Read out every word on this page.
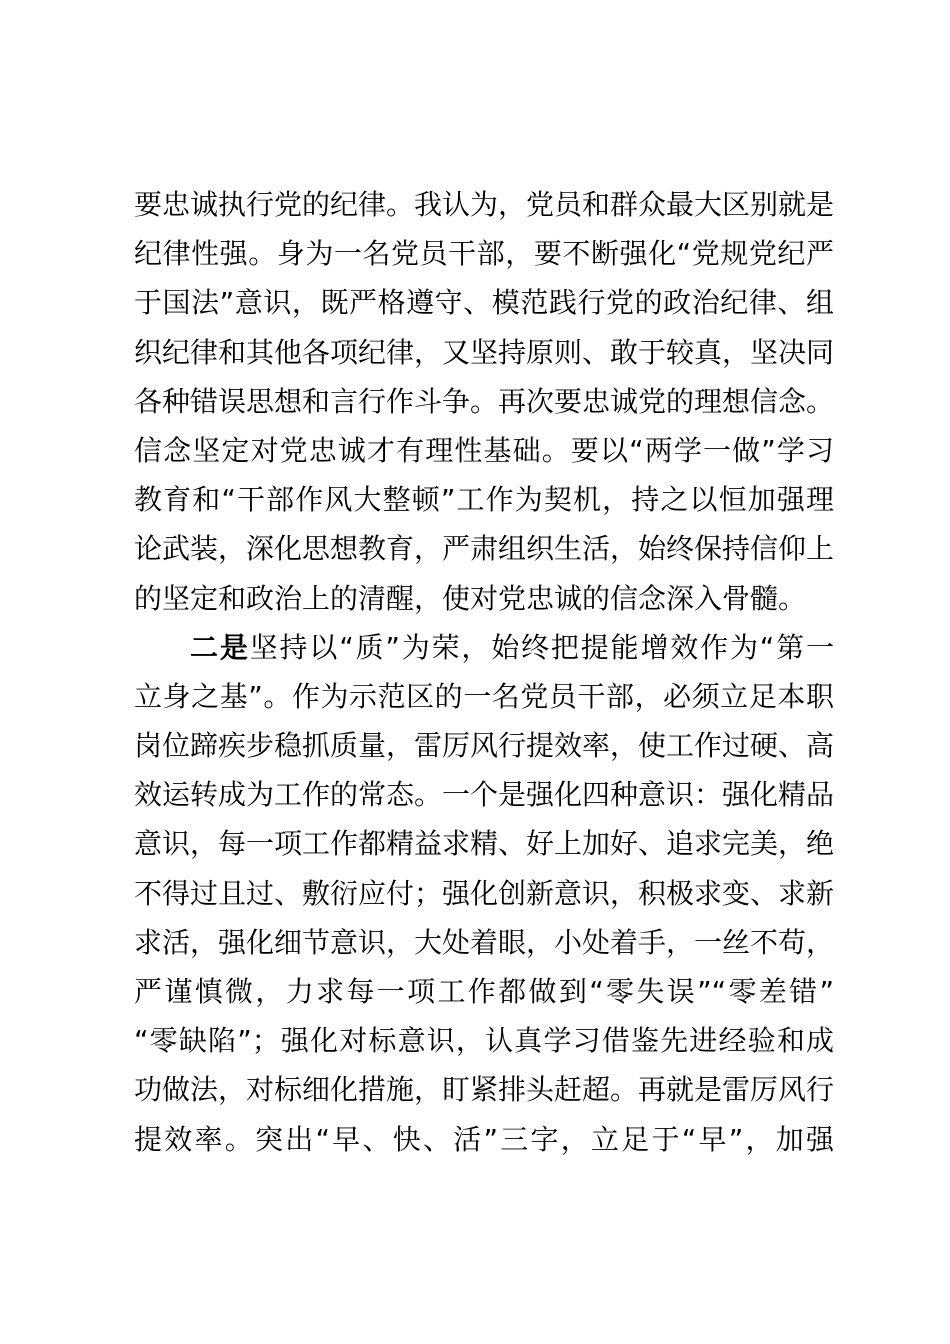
要忠诚执行党的纪律。我认为，党员和群众最大区别就是
纪律性强。身为一名党员干部，要不断强化“党规党纪严
于国法”意识，既严格遵守、模范践行党的政治纪律、组
织纪律和其他各项纪律，又坚持原则、敢于较真，坚决同
各种错误思想和言行作斗争。再次要忠诚党的理想信念。
信念坚定对党忠诚才有理性基础。要以“两学一做”学习
教育和“干部作风大整顿”工作为契机，持之以恒加强理
论武装，深化思想教育，严肃组织生活，始终保持信仰上
的坚定和政治上的清醒，使对党忠诚的信念深入骨髓。
二是坚持以“质”为荣，始终把提能增效作为“第一
立身之基”。作为示范区的一名党员干部，必须立足本职
岗位蹄疾步稳抓质量，雷厉风行提效率，使工作过硬、高
效运转成为工作的常态。一个是强化四种意识：强化精品
意识，每一项工作都精益求精、好上加好、追求完美，绝
不得过且过、敷衍应付；强化创新意识，积极求变、求新
求活，强化细节意识，大处着眼，小处着手，一丝不苟，
严谨慎微，力求每一项工作都做到“零失误”“零差错”
“零缺陷”；强化对标意识，认真学习借鉴先进经验和成
功做法，对标细化措施，盯紧排头赶超。再就是雷厉风行
提效率。突出“早、快、活”三字，立足于“早”，加强
